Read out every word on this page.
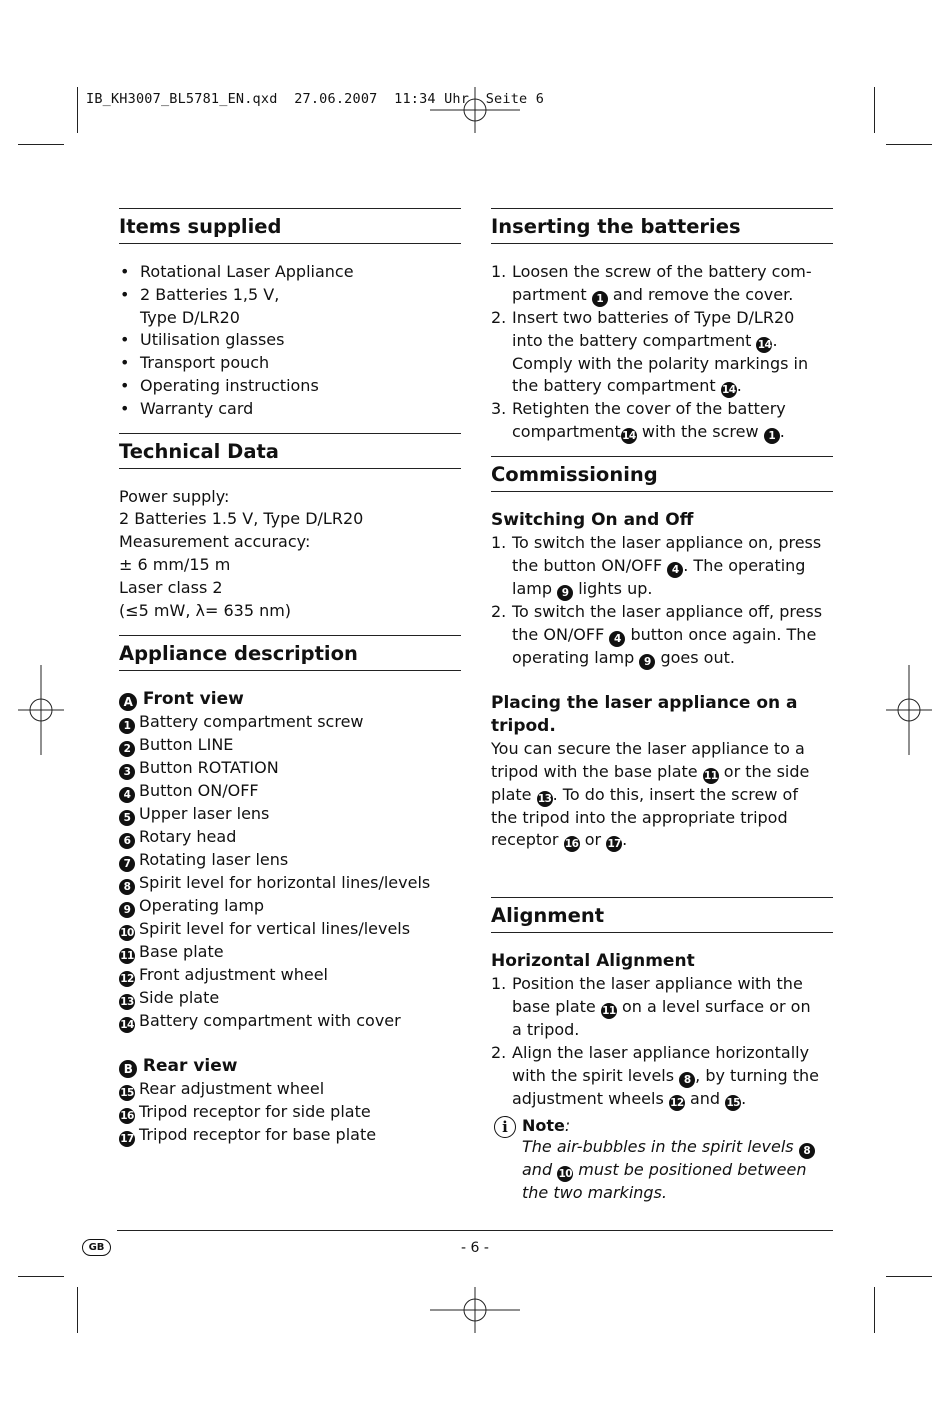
IB_KH3007_BL5781_EN.qxd  27.06.2007  11:34 Uhr  Seite 6
Items supplied
• Rotational Laser Appliance
• 2 Batteries 1,5 V,
Type D/LR20
• Utilisation glasses
• Transport pouch
• Operating instructions
• Warranty card
Technical Data
Power supply:
2 Batteries 1.5 V, Type D/LR20
Measurement accuracy:
± 6 mm/15 m
Laser class 2
(≤5 mW, λ= 635 nm)
Appliance description
A Front view
1 Battery compartment screw
2 Button LINE
3 Button ROTATION
4 Button ON/OFF
5 Upper laser lens
6 Rotary head
7 Rotating laser lens
8 Spirit level for horizontal lines/levels
9 Operating lamp
10 Spirit level for vertical lines/levels
11 Base plate
12 Front adjustment wheel
13 Side plate
14 Battery compartment with cover
B Rear view
15 Rear adjustment wheel
16 Tripod receptor for side plate
17 Tripod receptor for base plate
Inserting the batteries
1. Loosen the screw of the battery com-
partment 1 and remove the cover.
2. Insert two batteries of Type D/LR20
into the battery compartment 14.
Comply with the polarity markings in
the battery compartment 14.
3. Retighten the cover of the battery
compartment14 with the screw 1 .
Commissioning
Switching On and Off
1. To switch the laser appliance on, press
the button ON/OFF 4 . The operating
lamp 9 lights up.
2. To switch the laser appliance off, press
the ON/OFF 4 button once again. The
operating lamp 9 goes out.
Placing the laser appliance on a tripod.
You can secure the laser appliance to a
tripod with the base plate 11 or the side
plate 13. To do this, insert the screw of
the tripod into the appropriate tripod
receptor 16 or 17.
Alignment
Horizontal Alignment
1. Position the laser appliance with the
base plate 11 on a level surface or on
a tripod.
2. Align the laser appliance horizontally
with the spirit levels 8 , by turning the
adjustment wheels 12 and 15.
i Note:
The air-bubbles in the spirit levels 8
and 10 must be positioned between
the two markings.
GB	- 6 -
